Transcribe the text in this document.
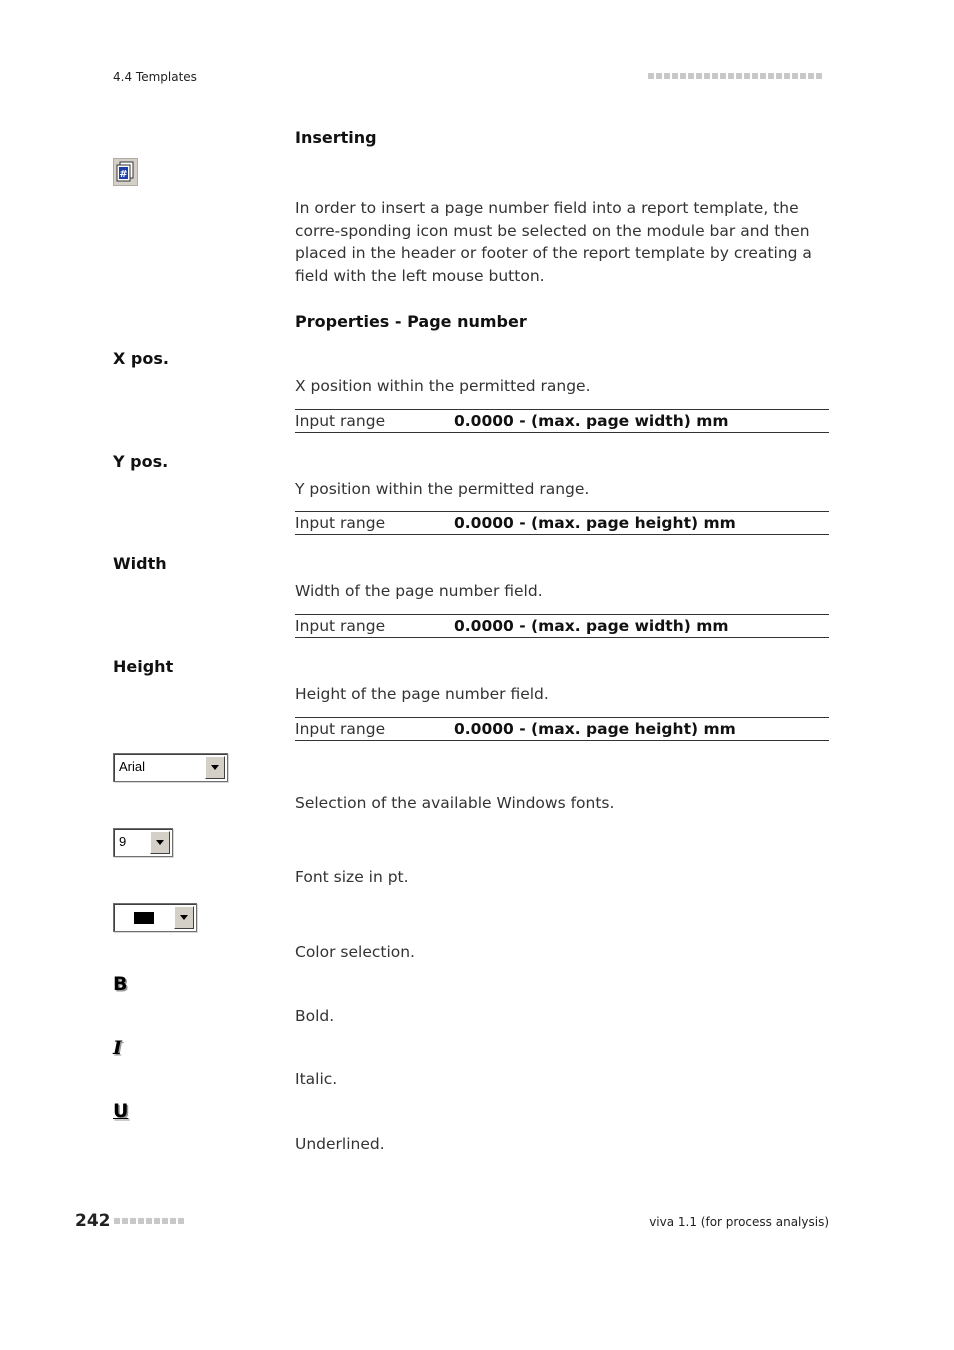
4.4 Templates
Inserting
#
In order to insert a page number field into a report template, the corre-sponding icon must be selected on the module bar and then placed in the header or footer of the report template by creating a field with the left mouse button.
Properties - Page number
X pos.
X position within the permitted range.
Input range	0.0000 - (max. page width) mm
Y pos.
Y position within the permitted range.
Input range	0.0000 - (max. page height) mm
Width
Width of the page number field.
Input range	0.0000 - (max. page width) mm
Height
Height of the page number field.
Input range	0.0000 - (max. page height) mm
Arial
Selection of the available Windows fonts.
9
Font size in pt.
Color selection.
B
Bold.
I
Italic.
U
Underlined.
242	viva 1.1 (for process analysis)
